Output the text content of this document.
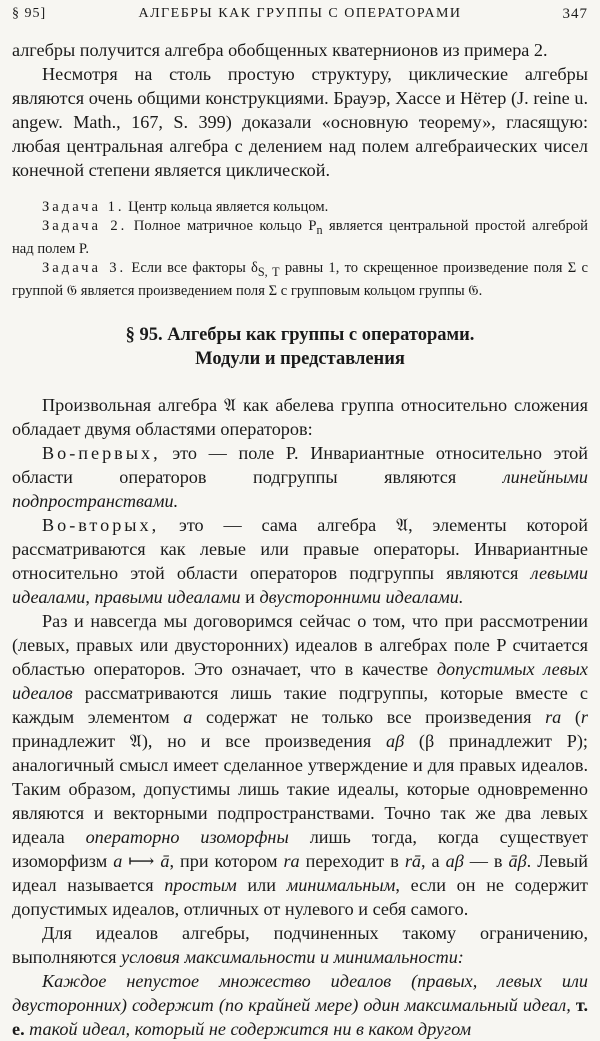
§ 95]	АЛГЕБРЫ КАК ГРУППЫ С ОПЕРАТОРАМИ	347

алгебры получится алгебра обобщенных кватернионов из примера 2.

Несмотря на столь простую структуру, циклические алгебры являются очень общими конструкциями. Брауэр, Хассе и Нётер (J. reine u. angew. Math., 167, S. 399) доказали «основную теорему», гласящую: любая центральная алгебра с делением над полем алгебраических чисел конечной степени является циклической.

Задача 1. Центр кольца является кольцом.

Задача 2. Полное матричное кольцо $P_n$ является центральной простой алгеброй над полем P.

Задача 3. Если все факторы $\delta_{S, T}$ равны 1, то скрещенное произведение поля Σ с группой 𝔊 является произведением поля Σ с групповым кольцом группы 𝔊.

§ 95. Алгебры как группы с операторами.
Модули и представления

Произвольная алгебра 𝔄 как абелева группа относительно сложения обладает двумя областями операторов:

Во-первых, это — поле P. Инвариантные относительно этой области операторов подгруппы являются линейными подпространствами.

Во-вторых, это — сама алгебра 𝔄, элементы которой рассматриваются как левые или правые операторы. Инвариантные относительно этой области операторов подгруппы являются левыми идеалами, правыми идеалами и двусторонними идеалами.

Раз и навсегда мы договоримся сейчас о том, что при рассмотрении (левых, правых или двусторонних) идеалов в алгебрах поле P считается областью операторов. Это означает, что в качестве допустимых левых идеалов рассматриваются лишь такие подгруппы, которые вместе с каждым элементом a содержат не только все произведения ra (r принадлежит 𝔄), но и все произведения aβ (β принадлежит P); аналогичный смысл имеет сделанное утверждение и для правых идеалов. Таким образом, допустимы лишь такие идеалы, которые одновременно являются и векторными подпространствами. Точно так же два левых идеала операторно изоморфны лишь тогда, когда существует изоморфизм a ⟼ ā, при котором ra переходит в rā, а aβ — в āβ. Левый идеал называется простым или минимальным, если он не содержит допустимых идеалов, отличных от нулевого и себя самого.

Для идеалов алгебры, подчиненных такому ограничению, выполняются условия максимальности и минимальности:

Каждое непустое множество идеалов (правых, левых или двусторонних) содержит (по крайней мере) один максимальный идеал, т. е. такой идеал, который не содержится ни в каком другом
